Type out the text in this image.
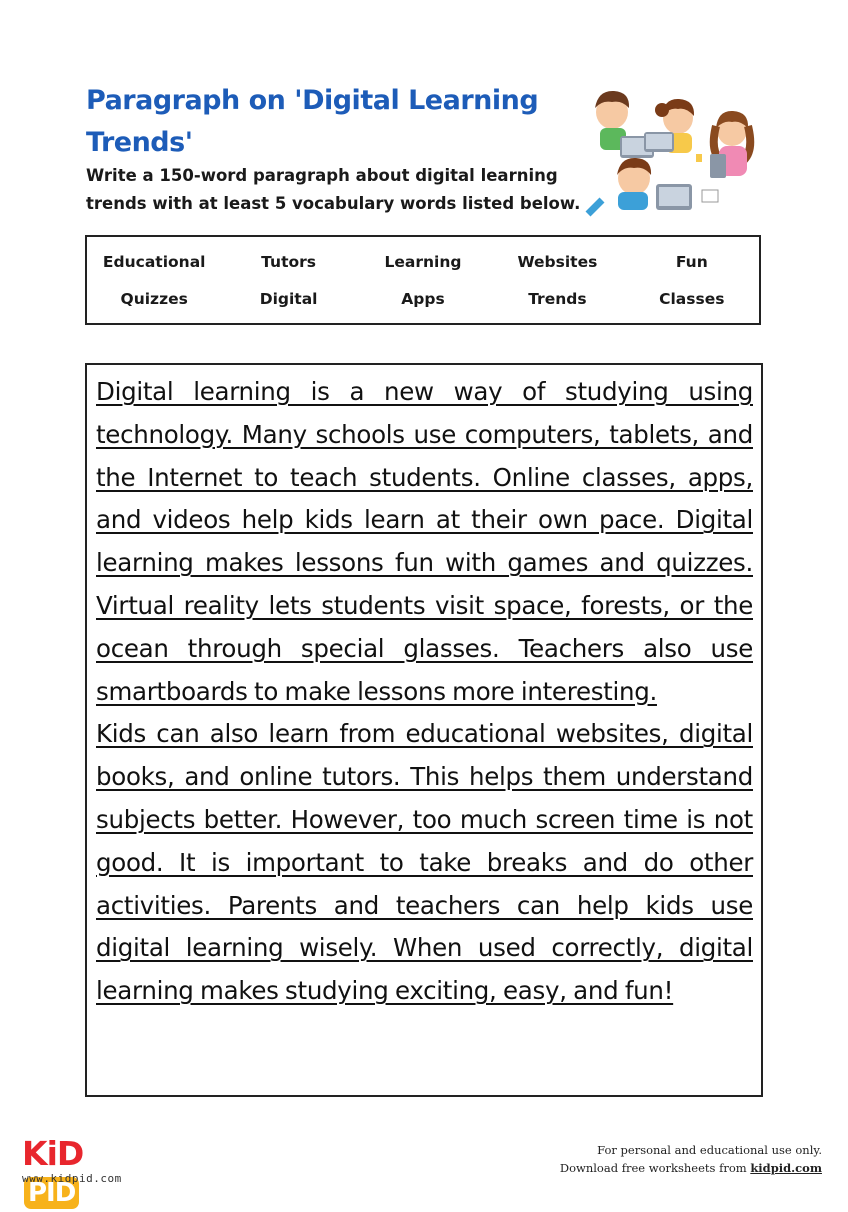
Paragraph on 'Digital Learning Trends'

Write a 150-word paragraph about digital learning trends with at least 5 vocabulary words listed below.

Educational	Tutors	Learning	Websites	Fun
Quizzes	Digital	Apps	Trends	Classes

Digital learning is a new way of studying using technology. Many schools use computers, tablets, and the Internet to teach students. Online classes, apps, and videos help kids learn at their own pace. Digital learning makes lessons fun with games and quizzes. Virtual reality lets students visit space, forests, or the ocean through special glasses. Teachers also use smartboards to make lessons more interesting.

Kids can also learn from educational websites, digital books, and online tutors. This helps them understand subjects better. However, too much screen time is not good. It is important to take breaks and do other activities. Parents and teachers can help kids use digital learning wisely. When used correctly, digital learning makes studying exciting, easy, and fun!

KiDPID
www.kidpid.com
For personal and educational use only.
Download free worksheets from kidpid.com
